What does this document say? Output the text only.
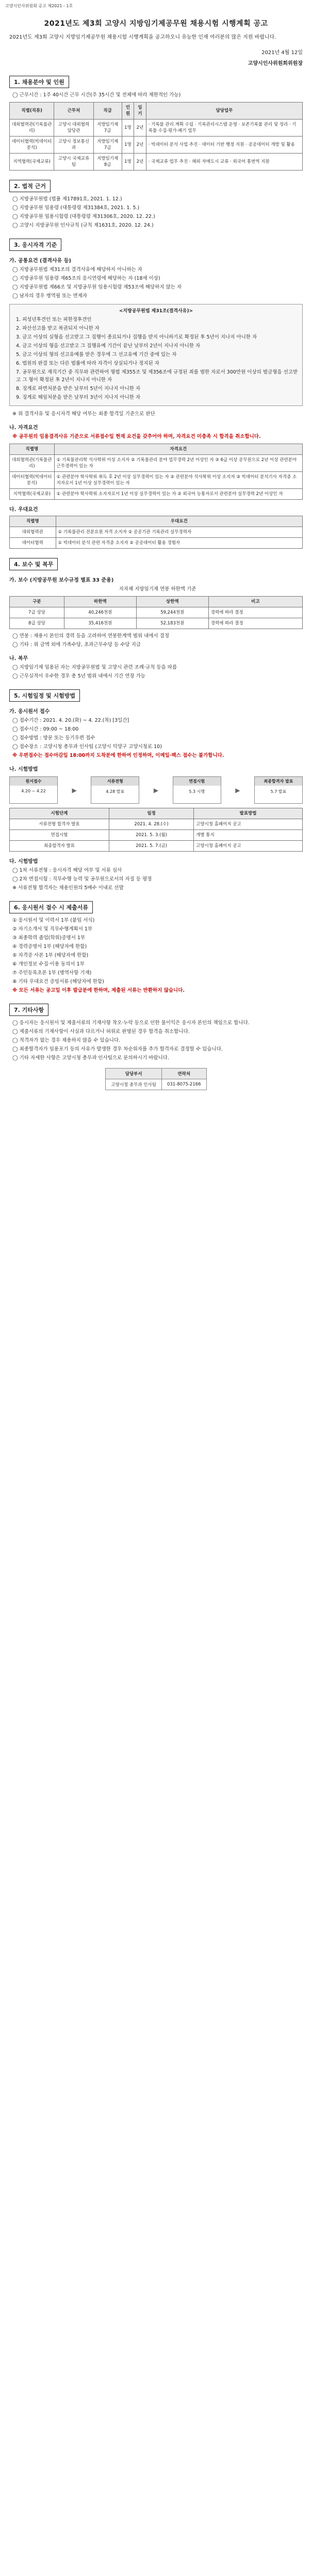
고양시인사위원회 공고 제2021 - 1호
2021년도 제3회 고양시 지방임기제공무원 채용시험 시행계획 공고
2021년도 제3회 고양시 지방임기제공무원 채용시험 시행계획을 공고하오니 유능한 인재 여러분의 많은 지원 바랍니다.
2021년 4월 12일
고양시인사위원회위원장
1. 채용분야 및 인원

◯ 근무시간 : 1주 40시간 근무 시간(주 35시간 및 전체에 따라 제한적인 가능)

직렬(직류)	근무처	직급	인원	임기	담당업무
대외협력관(기록물관리)	고양시 대외협력담당관	지방임기제 7급	1명	2년	· 기록물 관리 계획 수립 · 기록관리시스템 운영 · 보존기록물 관리 및 정리 · 기록물 수집·평가·폐기 업무
데이터협력(빅데이터분석)	고양시 정보통신과	지방임기제 7급	1명	2년	· 빅데이터 분석 사업 추진 · 데이터 기반 행정 지원 · 공공데이터 개방 및 활용
지역협력(국제교류)	고양시 국제교류팀	지방임기제 8급	1명	2년	· 국제교류 업무 추진 · 해외 자매도시 교류 · 외국어 통번역 지원
2. 법적 근거

◯ 지방공무원법 (법률 제17891호, 2021. 1. 12.)

◯ 지방공무원 임용령 (대통령령 제31384호, 2021. 1. 5.)

◯ 지방공무원 임용시험령 (대통령령 제31306호, 2020. 12. 22.)

◯ 고양시 지방공무원 인사규칙 (규칙 제1631호, 2020. 12. 24.)

3. 응시자격 기준
가. 공통요건 (결격사유 등)

◯ 지방공무원법 제31조의 결격사유에 해당하지 아니하는 자

◯ 지방공무원 임용령 제65조의 응시연령에 해당하는 자 (18세 이상)

◯ 지방공무원법 제66조 및 지방공무원 임용시험령 제53조에 해당하지 않는 자

◯ 남자의 경우 병역필 또는 면제자

<지방공무원법 제31조(결격사유)>

1. 피성년후견인 또는 피한정후견인

2. 파산선고를 받고 복권되지 아니한 자

3. 금고 이상의 실형을 선고받고 그 집행이 종료되거나 집행을 받지 아니하기로 확정된 후 5년이 지나지 아니한 자

4. 금고 이상의 형을 선고받고 그 집행유예 기간이 끝난 날부터 2년이 지나지 아니한 자

5. 금고 이상의 형의 선고유예를 받은 경우에 그 선고유예 기간 중에 있는 자

6. 법원의 판결 또는 다른 법률에 따라 자격이 상실되거나 정지된 자

7. 공무원으로 재직기간 중 직무와 관련하여 형법 제355조 및 제356조에 규정된 죄를 범한 자로서 300만원 이상의 벌금형을 선고받고 그 형이 확정된 후 2년이 지나지 아니한 자

8. 징계로 파면처분을 받은 날부터 5년이 지나지 아니한 자

9. 징계로 해임처분을 받은 날부터 3년이 지나지 아니한 자

※ 위 결격사유 및 응시자격 해당 여부는 최종 합격일 기준으로 판단

나. 자격요건

※ 공무원의 임용결격사유 기준으로 서류접수일 현재 요건을 갖추어야 하며, 자격요건 미충족 시 합격을 취소합니다.

직렬명	자격요건
대외협력관(기록물관리)	① 기록물관리학 석사학위 이상 소지자 ② 기록물관리 분야 업무경력 2년 이상인 자 ③ 6급 이상 공무원으로 2년 이상 관련분야 근무경력이 있는 자
데이터협력(빅데이터분석)	① 관련분야 학사학위 취득 후 2년 이상 실무경력이 있는 자 ② 관련분야 석사학위 이상 소지자 ③ 빅데이터 분석기사 자격증 소지자로서 1년 이상 실무경력이 있는 자
지역협력(국제교류)	① 관련분야 학사학위 소지자로서 1년 이상 실무경력이 있는 자 ② 외국어 능통자로서 관련분야 실무경력 2년 이상인 자
다. 우대요건
직렬명	우대요건
대외협력관	① 기록물관리 전문요원 자격 소지자 ② 공공기관 기록관리 실무경력자
데이터협력	① 빅데이터 분석 관련 자격증 소지자 ② 공공데이터 활용 경험자
4. 보수 및 복무
가. 보수 (지방공무원 보수규정 별표 33 준용)

지자체 지방임기제 연봉 하한액 기준

구분	하한액	상한액	비고
7급 상당	40,246천원	59,244천원	경력에 따라 결정
8급 상당	35,416천원	52,183천원	경력에 따라 결정

◯ 연봉 : 채용시 본인의 경력 등을 고려하여 연봉한계액 범위 내에서 결정

◯ 기타 : 위 금액 외에 가족수당, 초과근무수당 등 수당 지급

나. 복무

◯ 지방임기제 임용된 자는 지방공무원법 및 고양시 관련 조례·규칙 등을 따름

◯ 근무실적이 우수한 경우 총 5년 범위 내에서 기간 연장 가능

5. 시험일정 및 시험방법
가. 응시원서 접수

◯ 접수기간 : 2021. 4. 20.(화) ~ 4. 22.(목) [3일간]

◯ 접수시간 : 09:00 ~ 18:00

◯ 접수방법 : 방문 또는 등기우편 접수

◯ 접수장소 : 고양시청 총무과 인사팀 (고양시 덕양구 고양시청로 10)

※ 우편접수는 접수마감일 18:00까지 도착분에 한하여 인정하며, 이메일·팩스 접수는 불가합니다.

나. 시험방법
원서접수
4.20 ~ 4.22	▶
서류전형
4.28 발표	▶
면접시험
5.3 시행	▶
최종합격자 발표
5.7 발표
시험단계	일정	발표방법
서류전형 합격자 발표	2021. 4. 28.(수)	고양시청 홈페이지 공고
면접시험	2021. 5. 3.(월)	개별 통지
최종합격자 발표	2021. 5. 7.(금)	고양시청 홈페이지 공고
다. 시험방법

◯ 1차 서류전형 : 응시자격 해당 여부 및 서류 심사

◯ 2차 면접시험 : 직무수행 능력 및 공무원으로서의 자질 등 평정

※ 서류전형 합격자는 채용인원의 5배수 이내로 선발

6. 응시원서 접수 시 제출서류

① 응시원서 및 이력서 1부 (붙임 서식)

② 자기소개서 및 직무수행계획서 1부

③ 최종학력 졸업(학위)증명서 1부

④ 경력증명서 1부 (해당자에 한함)

⑤ 자격증 사본 1부 (해당자에 한함)

⑥ 개인정보 수집·이용 동의서 1부

⑦ 주민등록초본 1부 (병역사항 기재)

⑧ 기타 우대요건 증빙서류 (해당자에 한함)

※ 모든 서류는 공고일 이후 발급분에 한하며, 제출된 서류는 반환하지 않습니다.

7. 기타사항

◯ 응시자는 응시원서 및 제출서류의 기재사항 착오·누락 등으로 인한 불이익은 응시자 본인의 책임으로 합니다.

◯ 제출서류의 기재사항이 사실과 다르거나 허위로 판명된 경우 합격을 취소합니다.

◯ 적격자가 없는 경우 채용하지 않을 수 있습니다.

◯ 최종합격자가 임용포기 등의 사유가 발생한 경우 차순위자를 추가 합격자로 결정할 수 있습니다.

◯ 기타 자세한 사항은 고양시청 총무과 인사팀으로 문의하시기 바랍니다.

담당부서	연락처
고양시청 총무과 인사팀	031-8075-2166
